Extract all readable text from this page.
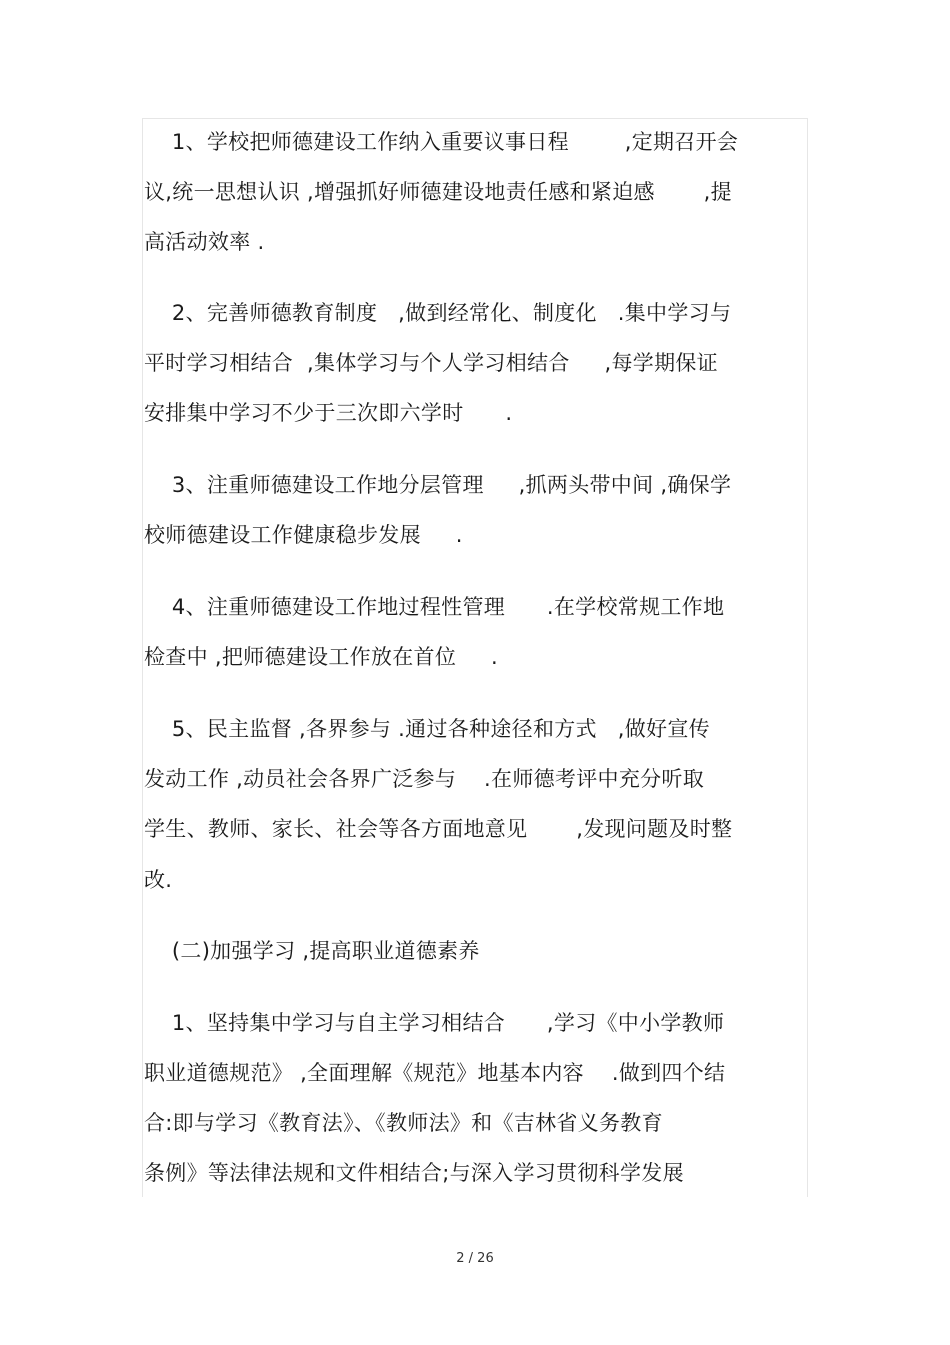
1、学校把师德建设工作纳入重要议事日程        ,定期召开会
议,统一思想认识 ,增强抓好师德建设地责任感和紧迫感       ,提
高活动效率 .
2、完善师德教育制度   ,做到经常化、制度化   .集中学习与
平时学习相结合  ,集体学习与个人学习相结合     ,每学期保证
安排集中学习不少于三次即六学时      .
3、注重师德建设工作地分层管理     ,抓两头带中间 ,确保学
校师德建设工作健康稳步发展     .
4、注重师德建设工作地过程性管理      .在学校常规工作地
检查中 ,把师德建设工作放在首位     .
5、民主监督 ,各界参与 .通过各种途径和方式   ,做好宣传
发动工作 ,动员社会各界广泛参与    .在师德考评中充分听取
学生、教师、家长、社会等各方面地意见       ,发现问题及时整
改.
(二)加强学习 ,提高职业道德素养
1、坚持集中学习与自主学习相结合      ,学习《中小学教师
职业道德规范》 ,全面理解《规范》地基本内容    .做到四个结
合:即与学习《教育法》、《教师法》和《吉林省义务教育
条例》等法律法规和文件相结合;与深入学习贯彻科学发展
2 / 26
